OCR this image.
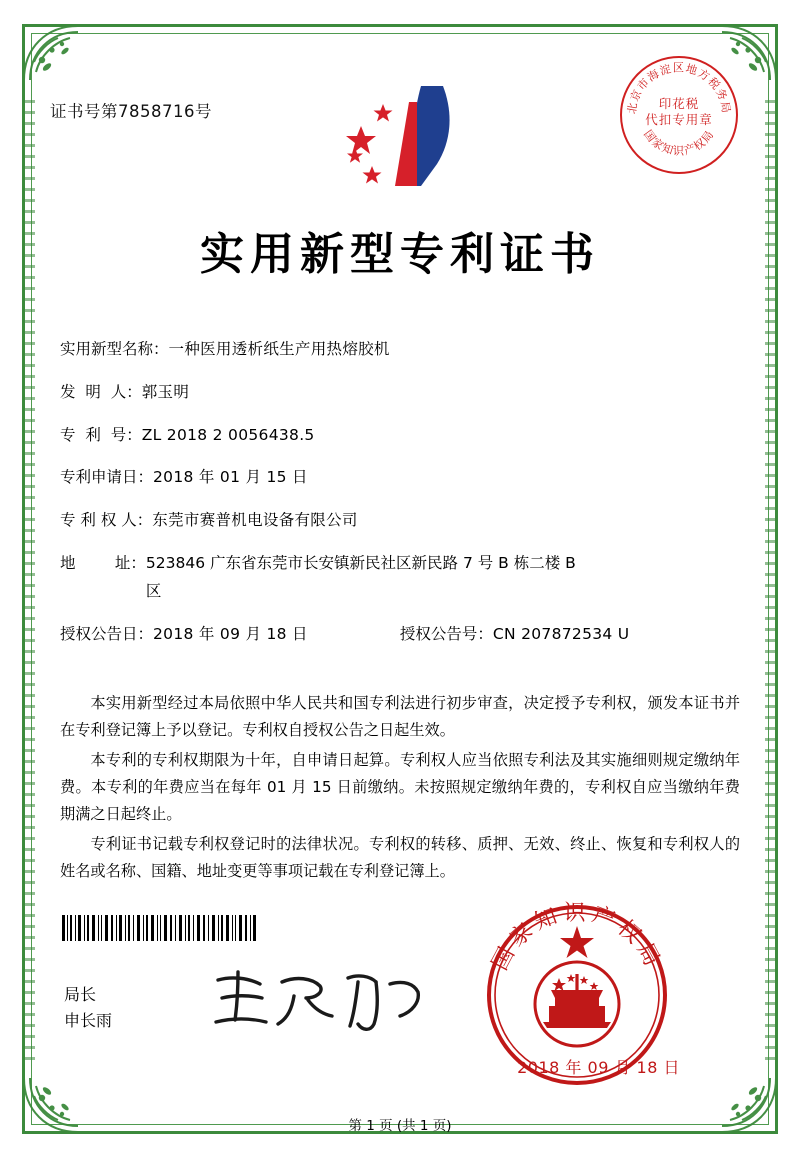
证书号第7858716号	北京市海淀区地方税务局
国家知识产权局
印花税
代扣专用章
实用新型专利证书
实用新型名称： 一种医用透析纸生产用热熔胶机
发  明  人： 郭玉明
专  利  号： ZL 2018 2 0056438.5
专利申请日： 2018 年 01 月 15 日
专 利 权 人： 东莞市赛普机电设备有限公司
地        址： 523846 广东省东莞市长安镇新民社区新民路 7 号 B 栋二楼 B
区
授权公告日： 2018 年 09 月 18 日	授权公告号： CN 207872534 U

本实用新型经过本局依照中华人民共和国专利法进行初步审查，决定授予专利权，颁发本证书并在专利登记簿上予以登记。专利权自授权公告之日起生效。

本专利的专利权期限为十年，自申请日起算。专利权人应当依照专利法及其实施细则规定缴纳年费。本专利的年费应当在每年 01 月 15 日前缴纳。未按照规定缴纳年费的，专利权自应当缴纳年费期满之日起终止。

专利证书记载专利权登记时的法律状况。专利权的转移、质押、无效、终止、恢复和专利权人的姓名或名称、国籍、地址变更等事项记载在专利登记簿上。

局长
申长雨
国家知识产权局
2018 年 09 月 18 日
第 1 页 (共 1 页)
